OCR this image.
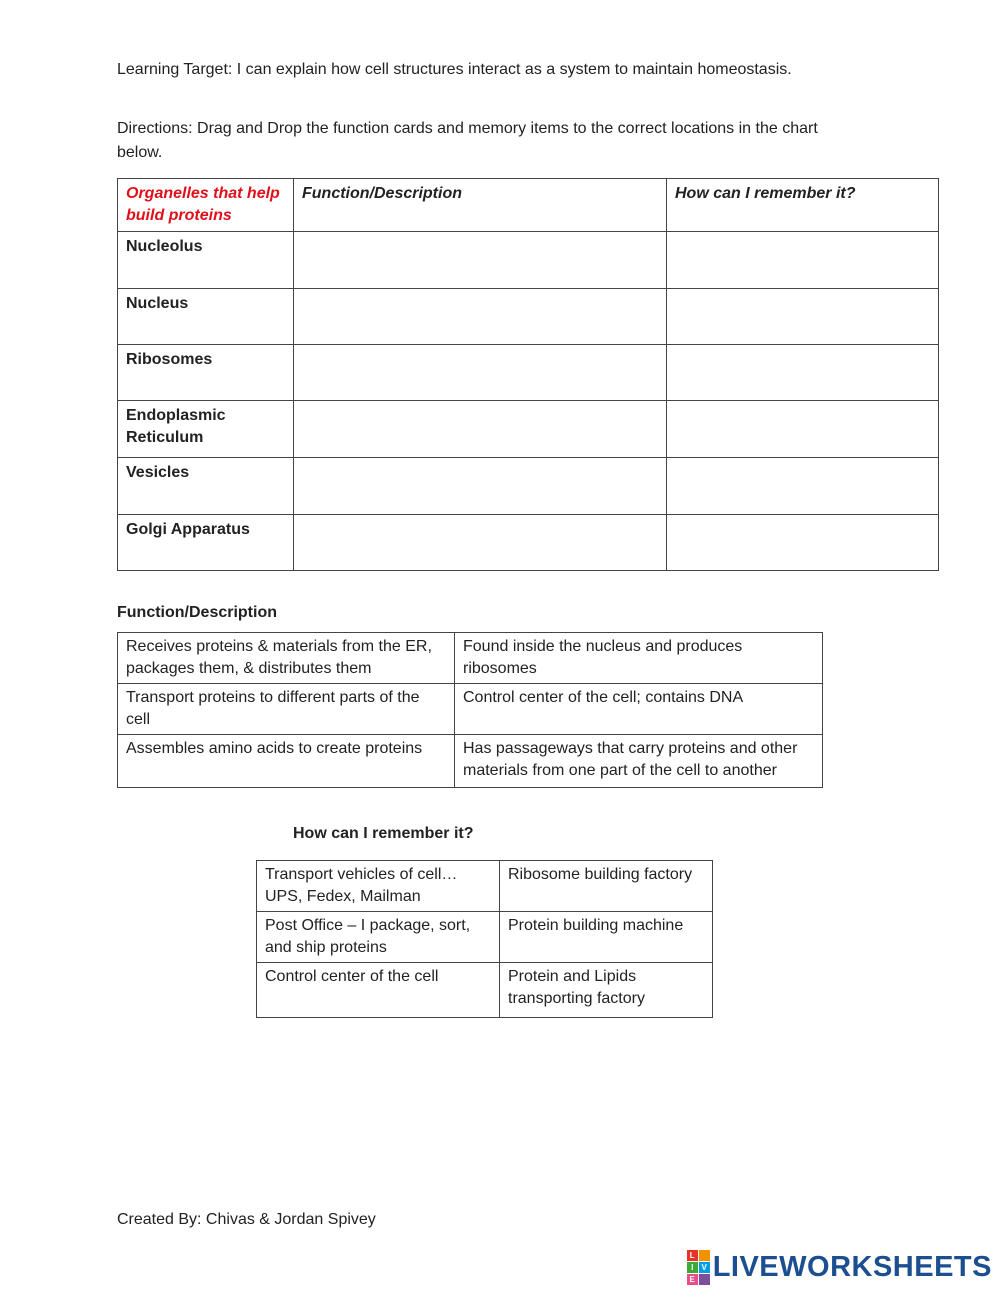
Learning Target: I can explain how cell structures interact as a system to maintain homeostasis.
Directions: Drag and Drop the function cards and memory items to the correct locations in the chart
below.
Organelles that help build proteins	Function/Description	How can I remember it?
Nucleolus		
Nucleus		
Ribosomes		
Endoplasmic Reticulum		
Vesicles		
Golgi Apparatus		
Function/Description
Receives proteins & materials from the ER, packages them, & distributes them	Found inside the nucleus and produces ribosomes
Transport proteins to different parts of the cell	Control center of the cell; contains DNA
Assembles amino acids to create proteins	Has passageways that carry proteins and other materials from one part of the cell to another
How can I remember it?
Transport vehicles of cell…UPS, Fedex, Mailman	Ribosome building factory
Post Office – I package, sort, and ship proteins	Protein building machine
Control center of the cell	Protein and Lipids transporting factory
Created By: Chivas & Jordan Spivey
L
I	V
E LIVEWORKSHEETS
